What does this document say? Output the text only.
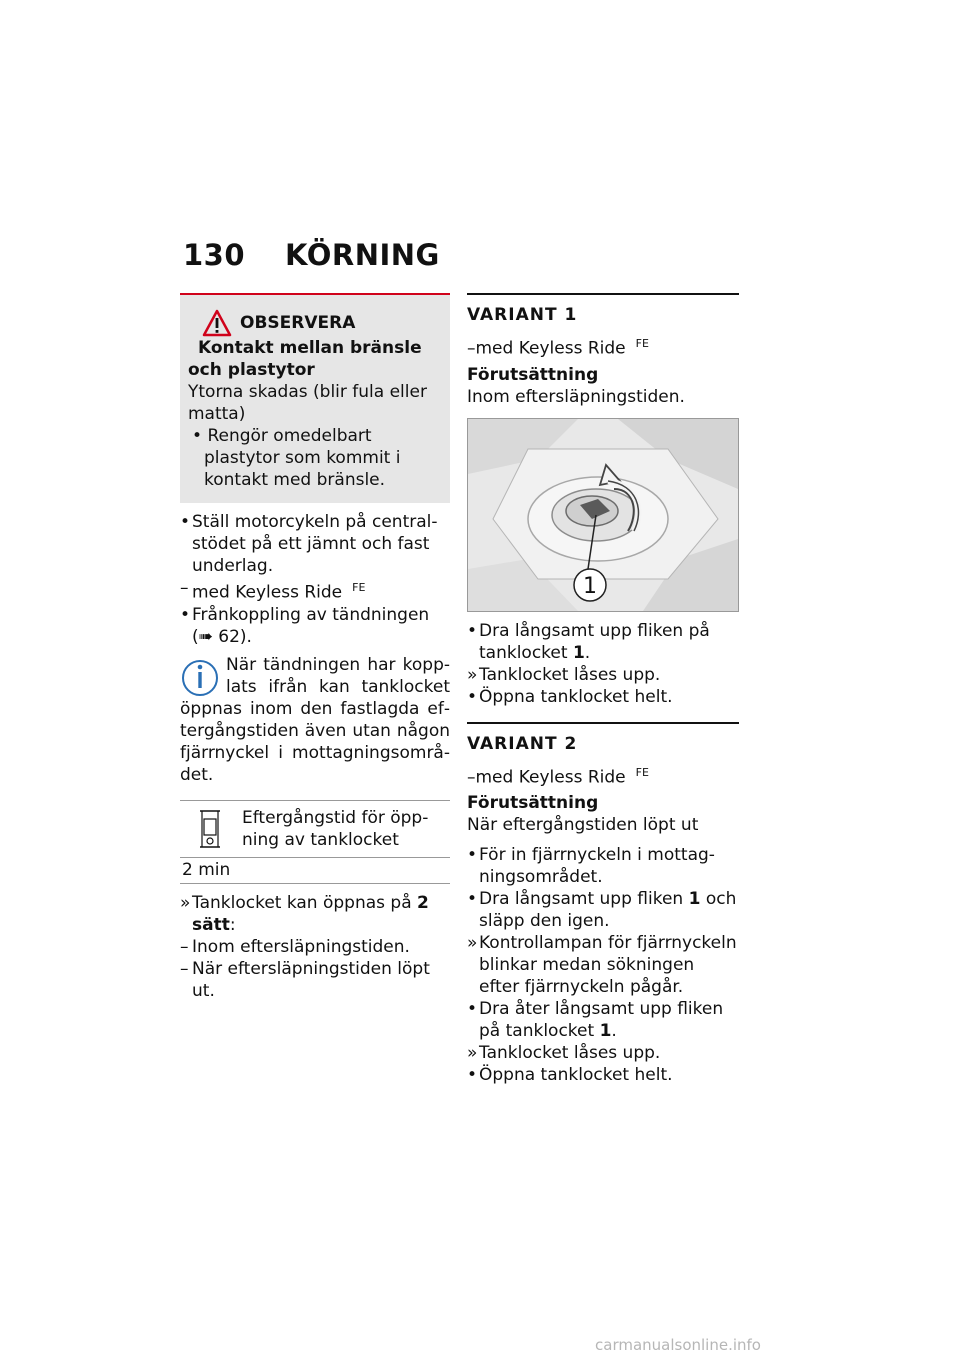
130 KÖRNING
OBSERVERA

Kontakt mellan bränsle och plastytor

Ytorna skadas (blir fula eller matta)

• Rengör omedelbart plastytor som kommit i kontakt med bränsle.

• Ställ motorcykeln på centralstödet på ett jämnt och fast underlag.
– med Keyless Ride $^{FE}$
• Frånkoppling av tändningen (➠ 62).
När tändningen har kopplats ifrån kan tanklocket öppnas inom den fastlagda eftergångstiden även utan någon fjärrnyckel i mottagningsområdet.
Eftergångstid för öppning av tanklocket
2 min
» Tanklocket kan öppnas på 2 sätt:
– Inom eftersläpningstiden.
– När eftersläpningstiden löpt ut.
VARIANT 1
–med Keyless Ride $^{FE}$
Förutsättning
Inom eftersläpningstiden.
1
• Dra långsamt upp fliken på tanklocket 1.
» Tanklocket låses upp.
• Öppna tanklocket helt.
VARIANT 2
–med Keyless Ride $^{FE}$
Förutsättning
När eftergångstiden löpt ut
• För in fjärrnyckeln i mottagningsområdet.
• Dra långsamt upp fliken 1 och släpp den igen.
» Kontrollampan för fjärrnyckeln blinkar medan sökningen efter fjärrnyckeln pågår.
• Dra åter långsamt upp fliken på tanklocket 1.
» Tanklocket låses upp.
• Öppna tanklocket helt.
carmanualsonline.info
